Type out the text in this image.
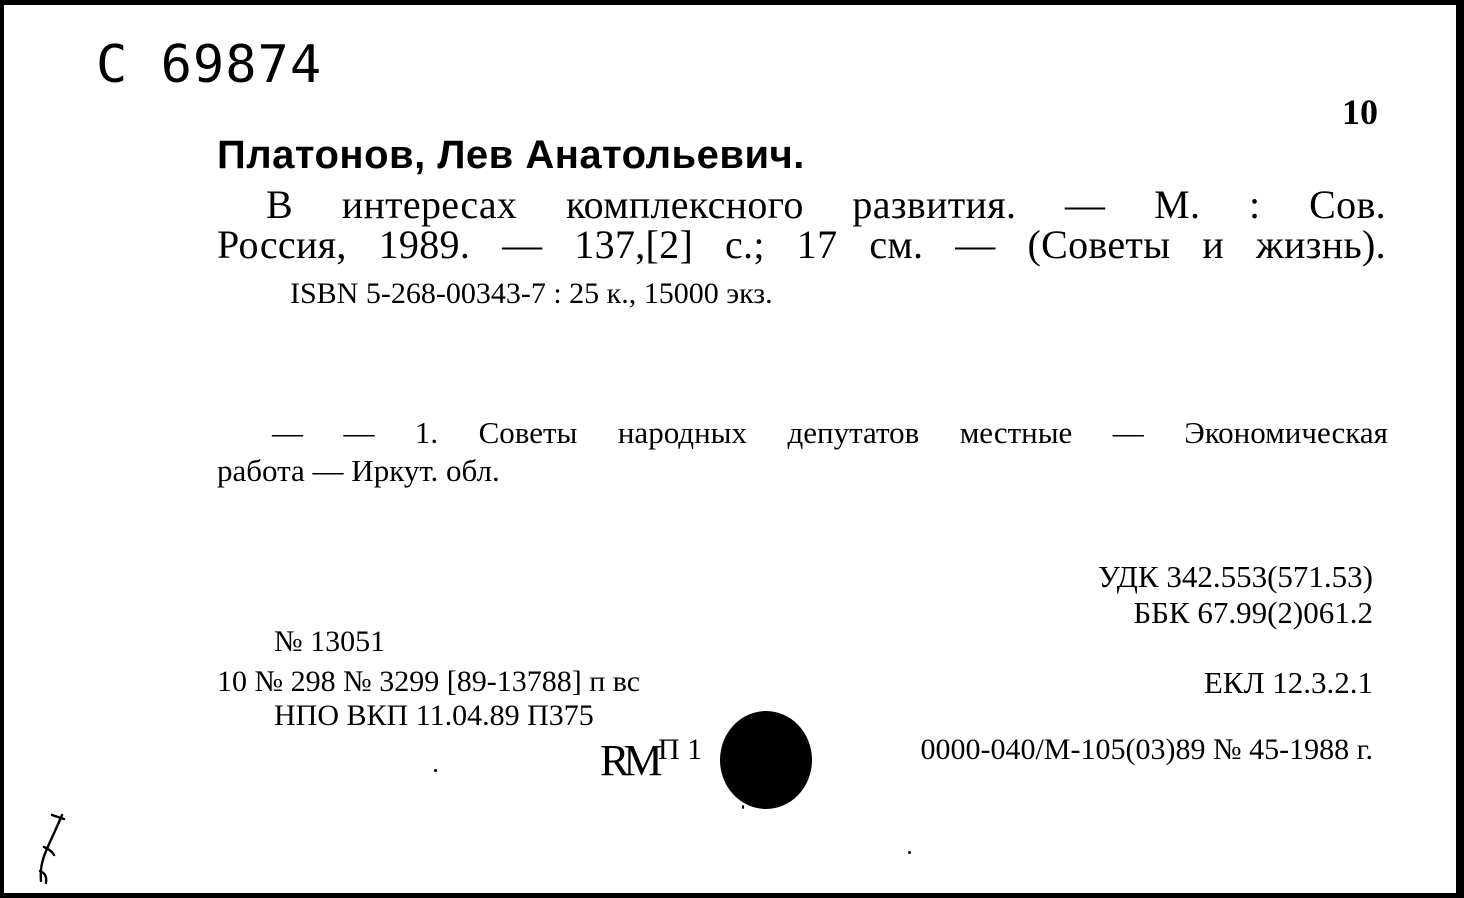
C 69874
10
Платонов, Лев Анатольевич.
В интересах комплексного развития. — М. : Сов.
Россия, 1989. — 137,[2] с.; 17 см. — (Советы и жизнь).
ISBN 5-268-00343-7 : 25 к., 15000 экз.
— — 1. Советы народных депутатов местные — Экономическая
работа — Иркут. обл.
УДК 342.553(571.53)
ББК 67.99(2)061.2
ЕКЛ 12.3.2.1
№ 13051
10 № 298 № 3299 [89-13788] п вс
НПО ВКП 11.04.89 П375
П 1	0000-040/М-105(03)89 № 45-1988 г.
RM
